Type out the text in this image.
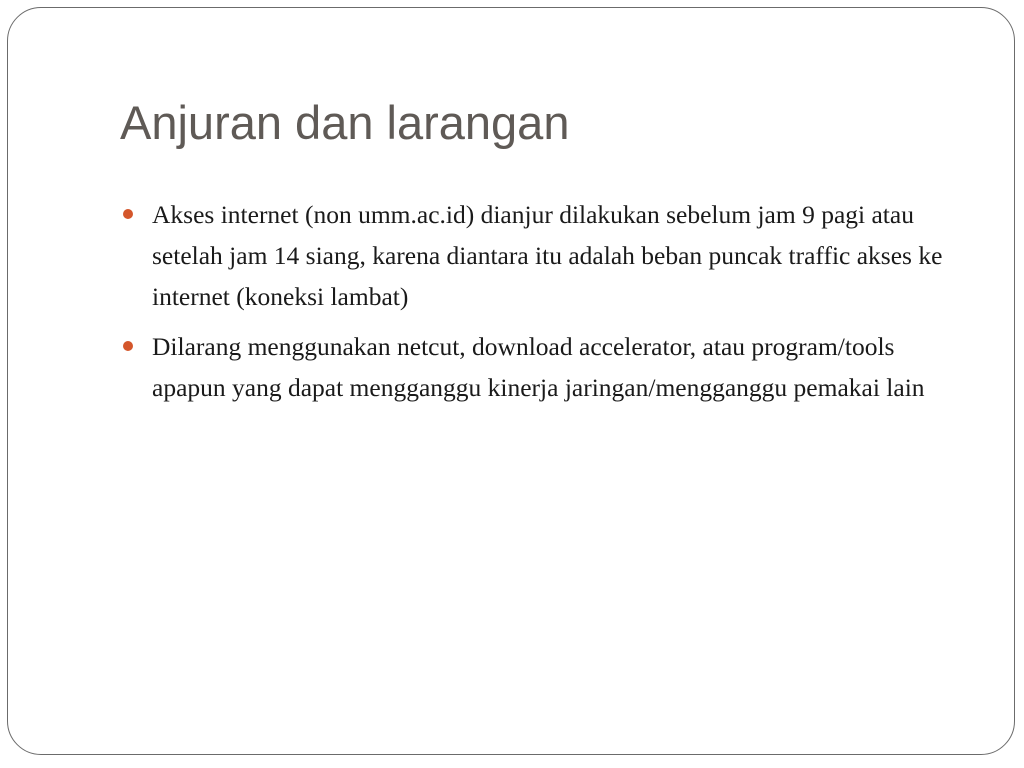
Anjuran dan larangan
Akses internet (non umm.ac.id) dianjur dilakukan sebelum jam 9 pagi atau setelah jam 14 siang, karena diantara itu adalah beban puncak traffic akses ke internet (koneksi lambat)
Dilarang menggunakan netcut, download accelerator, atau program/tools apapun yang dapat mengganggu kinerja jaringan/mengganggu pemakai lain
